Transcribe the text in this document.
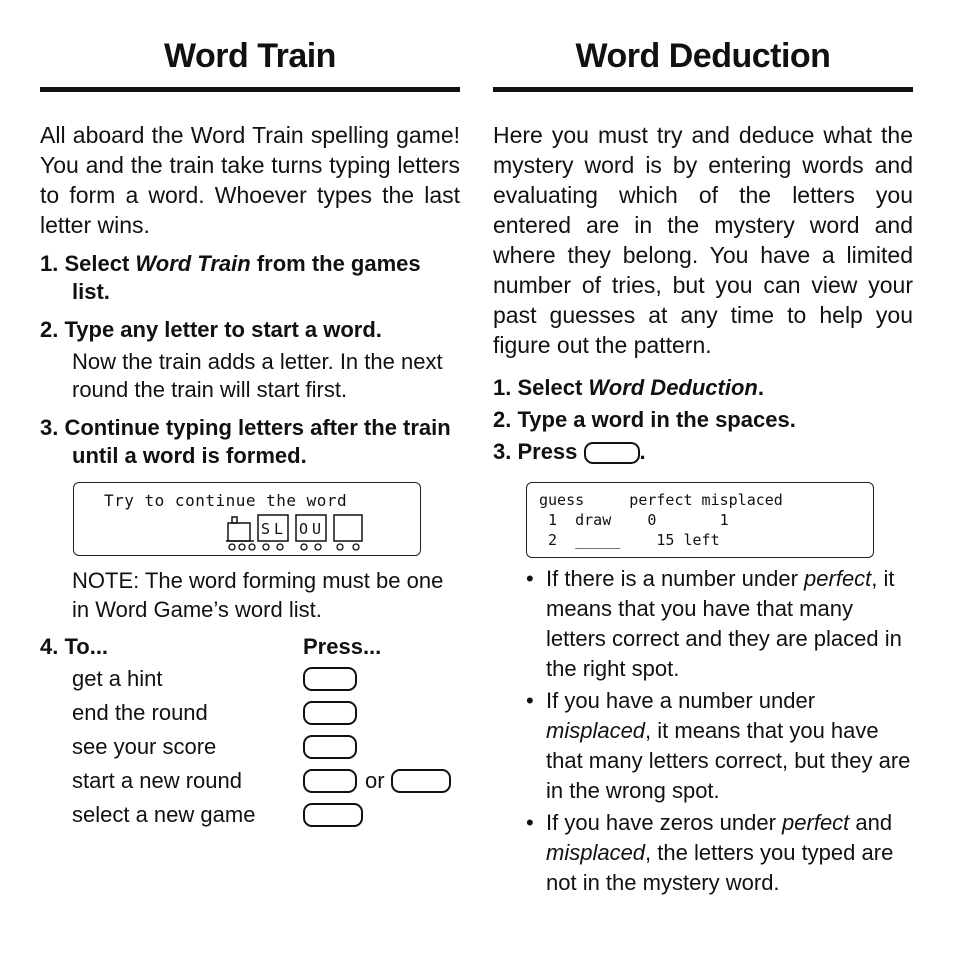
Word Train
All aboard the Word Train spelling game! You and the train take turns typing letters to form a word. Whoever types the last letter wins.
1. Select Word Train from the games list.
2. Type any letter to start a word.
Now the train adds a letter. In the next round the train will start first.
3. Continue typing letters after the train until a word is formed.
Try to continue the word
S L O U
NOTE: The word forming must be one in Word Game’s word list.
4. To...	Press...
get a hint
end the round
see your score
start a new round	or
select a new game
Word Deduction
Here you must try and deduce what the mystery word is by entering words and evaluating which of the letters you entered are in the mystery word and where they belong. You have a limited number of tries, but you can view your past guesses at any time to help you figure out the pattern.
1. Select Word Deduction.
2. Type a word in the spaces.
3. Press	.
guess     perfect misplaced
1  draw    0       1
2  _____    15 left
• If there is a number under perfect, it means that you have that many letters correct and they are placed in the right spot.
• If you have a number under misplaced, it means that you have that many letters correct, but they are in the wrong spot.
• If you have zeros under perfect and misplaced, the letters you typed are not in the mystery word.
